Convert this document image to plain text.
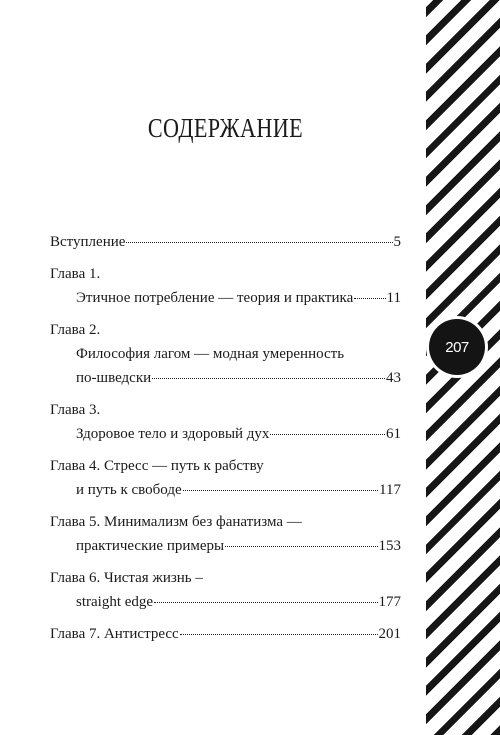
207
СОДЕРЖАНИЕ
Вступление	5
Глава 1.
Этичное потребление — теория и практика 11
Глава 2.
Философия лагом — модная умеренность
по-шведски	43
Глава 3.
Здоровое тело и здоровый дух	61
Глава 4. Стресс — путь к рабству
и путь к свободе	117
Глава 5. Минимализм без фанатизма —
практические примеры	153
Глава 6. Чистая жизнь –
straight edge	177
Глава 7. Антистресс	201
